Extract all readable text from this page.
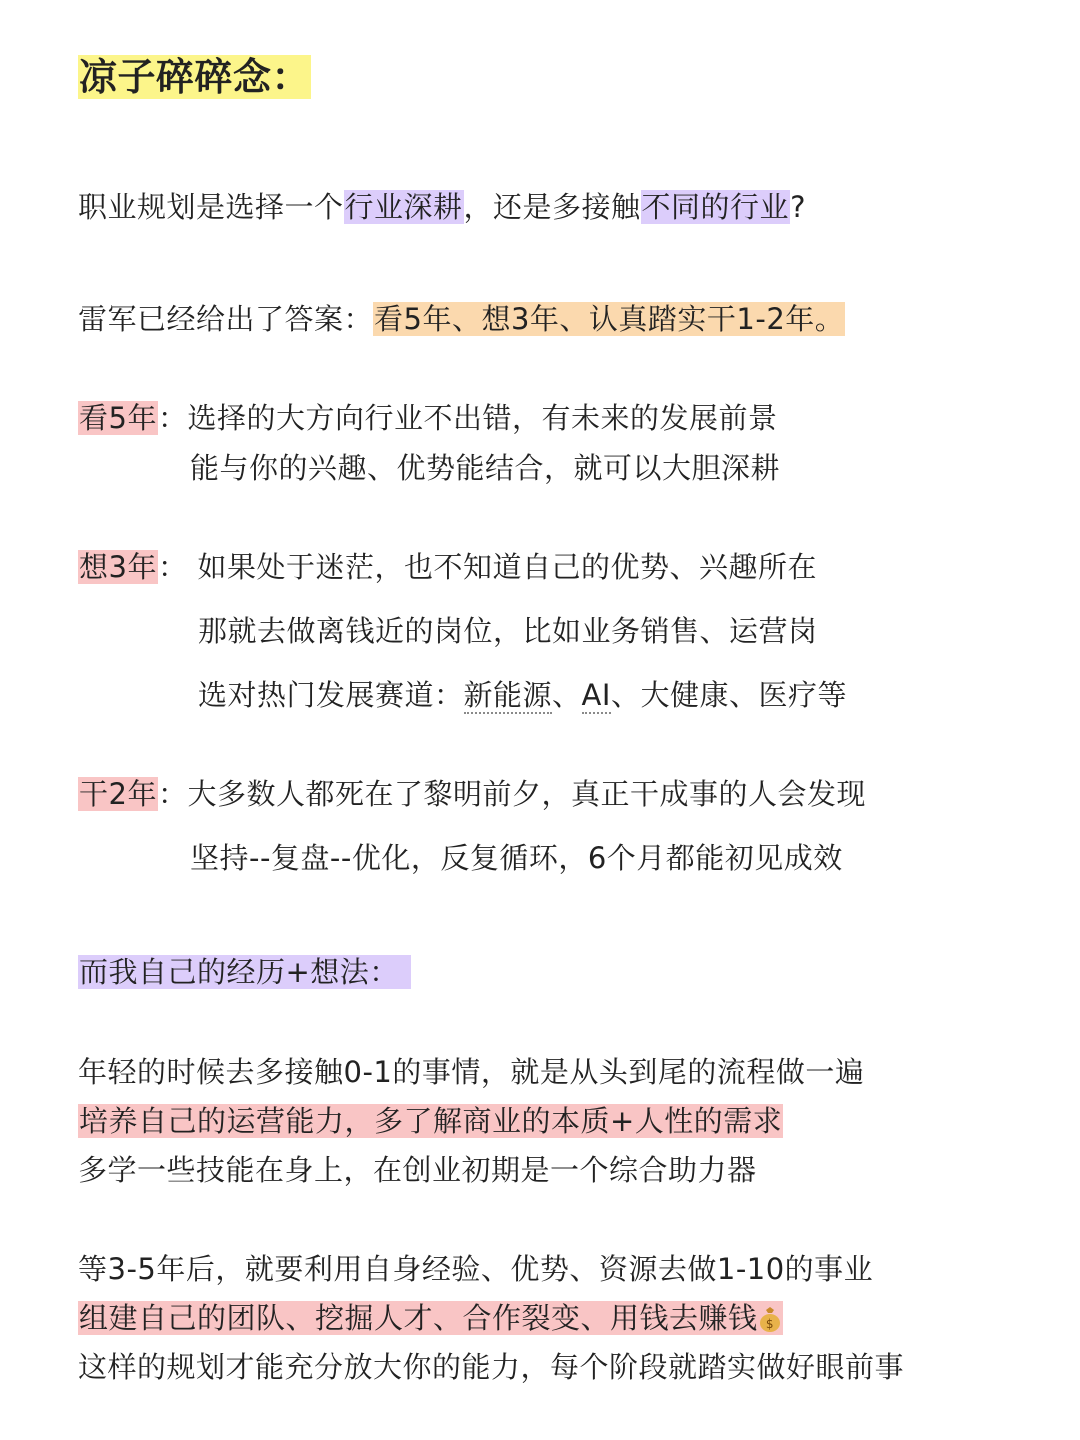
凉子碎碎念：
职业规划是选择一个行业深耕，还是多接触不同的行业?
雷军已经给出了答案：看5年、想3年、认真踏实干1-2年。
看5年：选择的大方向行业不出错，有未来的发展前景
能与你的兴趣、优势能结合，就可以大胆深耕
想3年： 如果处于迷茫，也不知道自己的优势、兴趣所在
那就去做离钱近的岗位，比如业务销售、运营岗
选对热门发展赛道：新能源、AI、大健康、医疗等
干2年：大多数人都死在了黎明前夕，真正干成事的人会发现
坚持--复盘--优化，反复循环，6个月都能初见成效
而我自己的经历+想法：
年轻的时候去多接触0-1的事情，就是从头到尾的流程做一遍
培养自己的运营能力，多了解商业的本质+人性的需求
多学一些技能在身上，在创业初期是一个综合助力器
等3-5年后，就要利用自身经验、优势、资源去做1-10的事业
组建自己的团队、挖掘人才、合作裂变、用钱去赚钱 $
这样的规划才能充分放大你的能力，每个阶段就踏实做好眼前事
